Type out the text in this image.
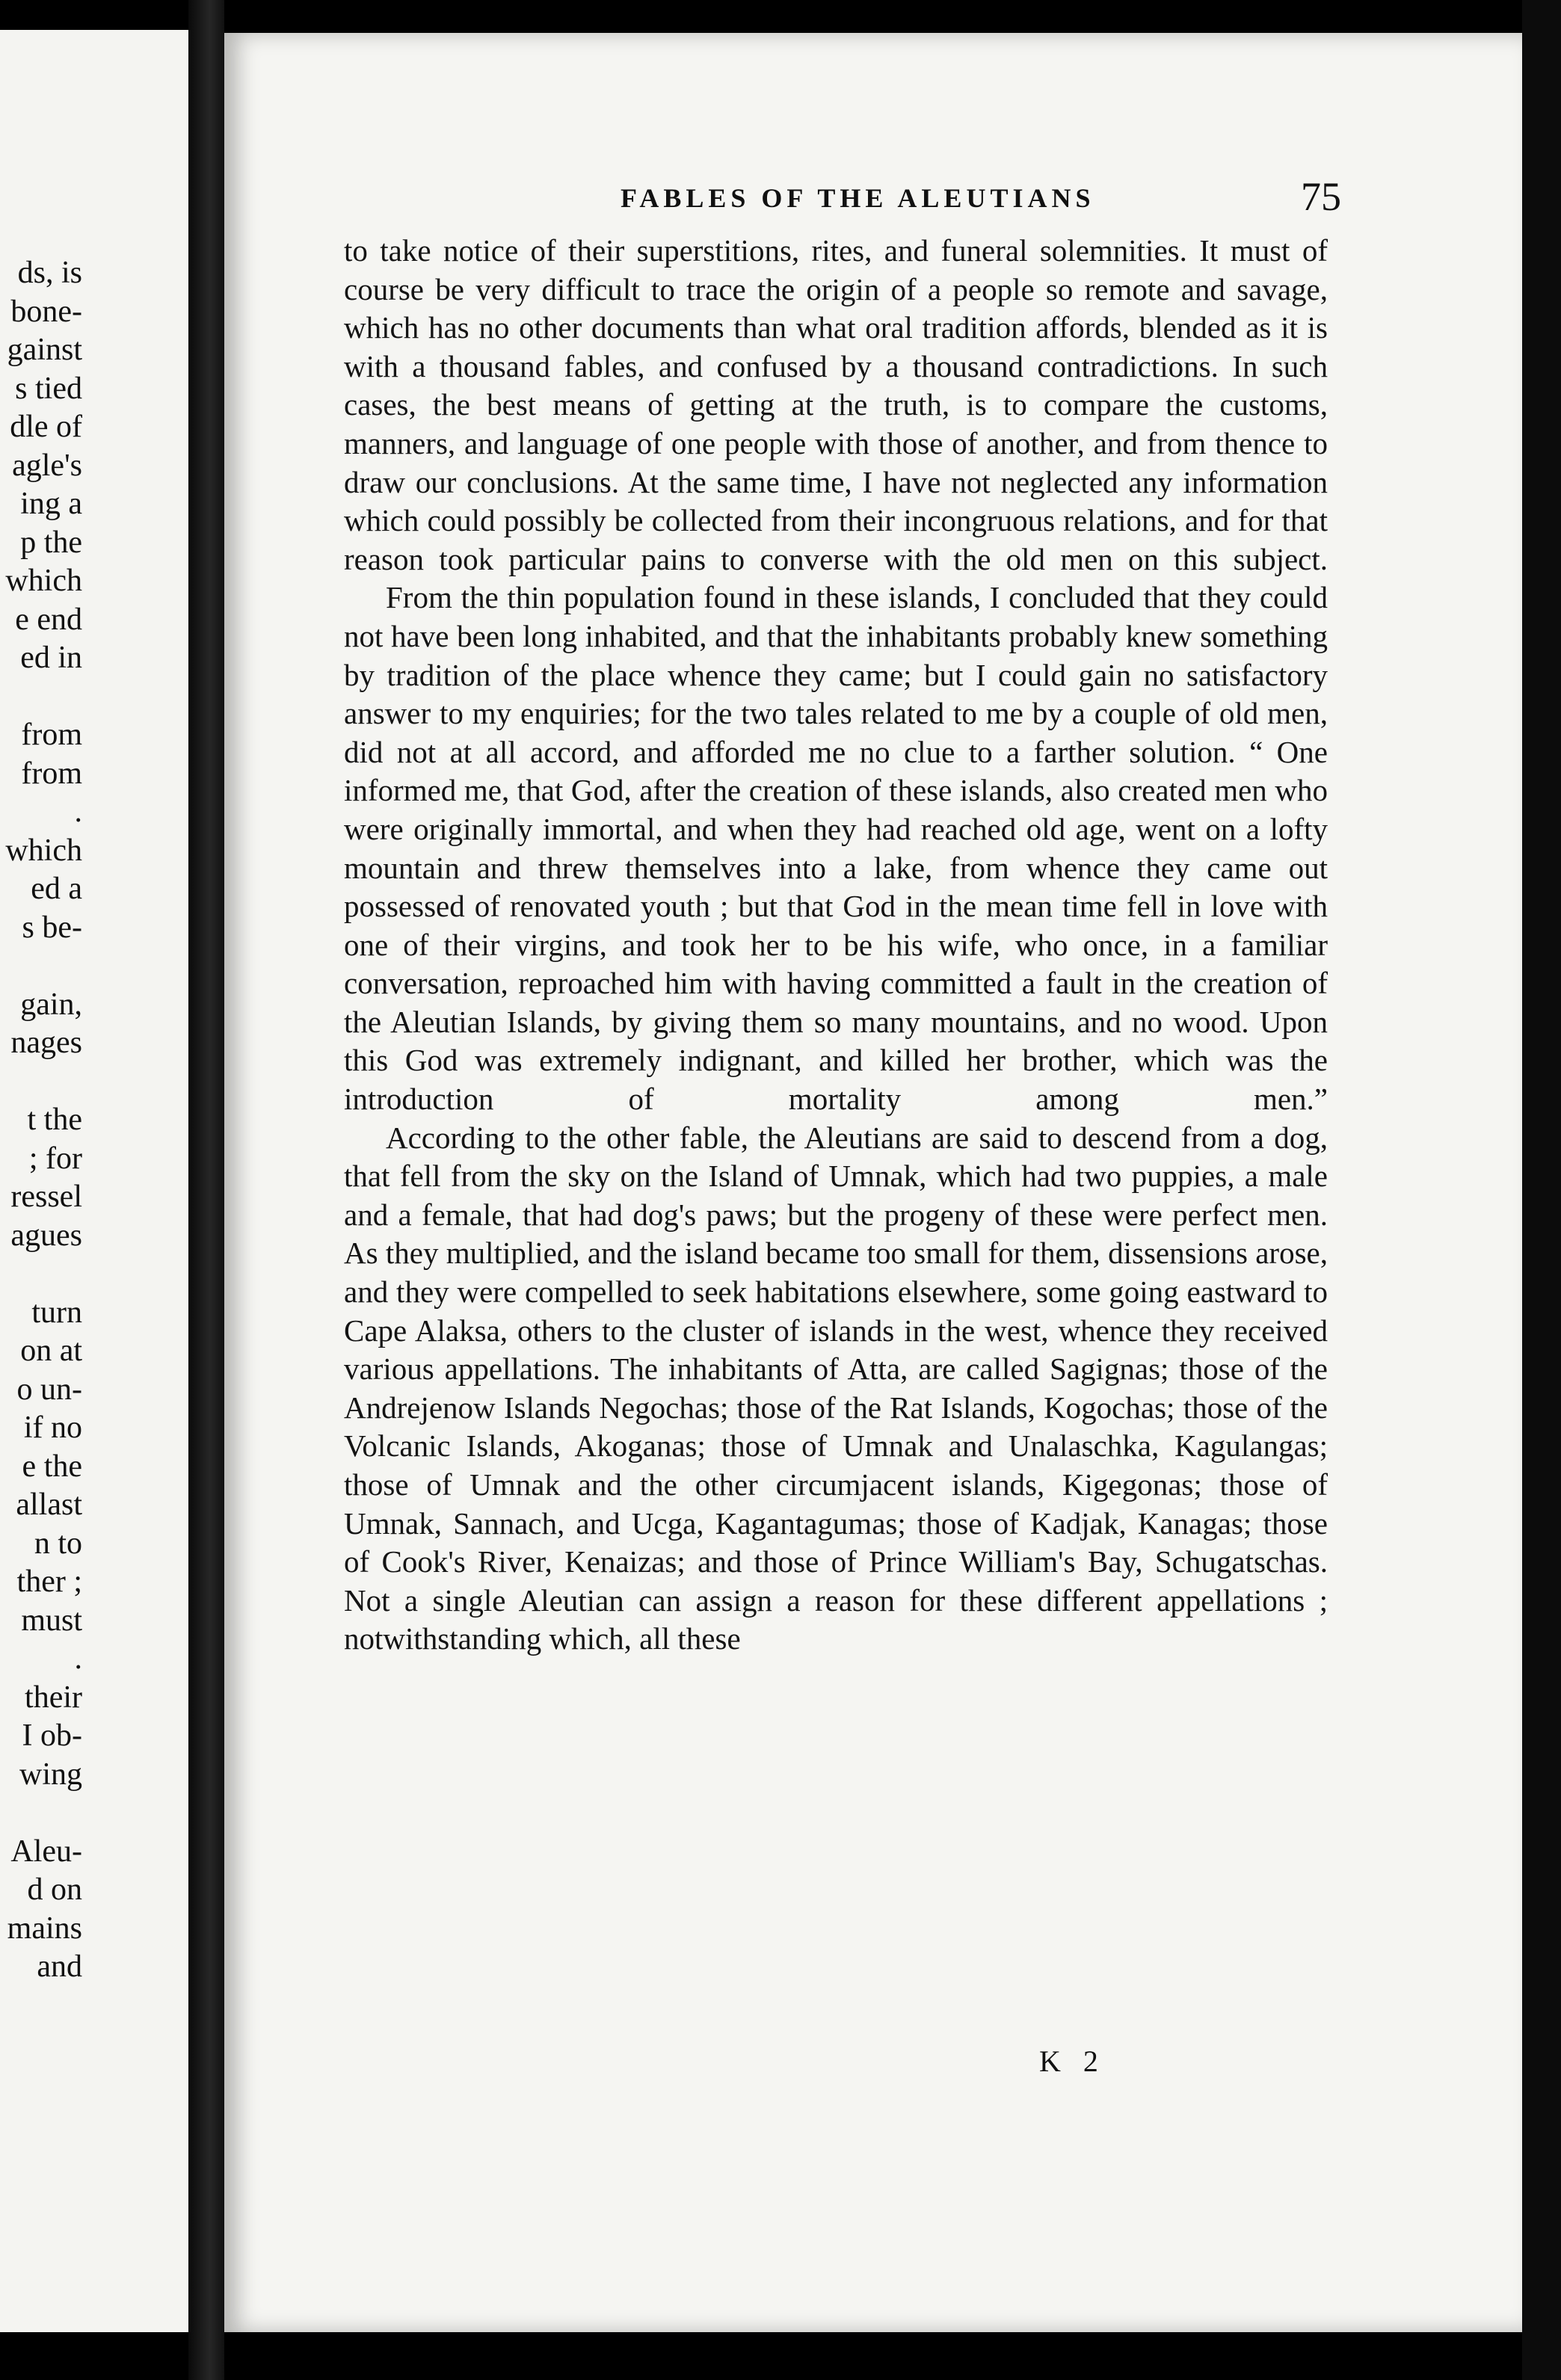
ds, is
bone-
gainst
s tied
dle of
agle's
ing a
p the
which
e end
ed in
from
from
.
which
ed a
s be-
gain,
nages
t the
; for
ressel
agues
turn
on at
o un-
if no
e the
allast
n to
ther ;
must
.
their
I ob-
wing
Aleu-
d on
mains
and
FABLES OF THE ALEUTIANS	75

to take notice of their superstitions, rites, and funeral solemnities. It must of course be very difficult to trace the origin of a people so remote and savage, which has no other documents than what oral tradition affords, blended as it is with a thousand fables, and confused by a thousand contradictions. In such cases, the best means of getting at the truth, is to compare the customs, manners, and language of one people with those of another, and from thence to draw our conclusions. At the same time, I have not neglected any information which could possibly be collected from their incongruous relations, and for that reason took particular pains to converse with the old men on this subject.

From the thin population found in these islands, I concluded that they could not have been long inhabited, and that the inhabitants probably knew something by tradition of the place whence they came; but I could gain no satisfactory answer to my enquiries; for the two tales related to me by a couple of old men, did not at all accord, and afforded me no clue to a farther solution. “ One informed me, that God, after the creation of these islands, also created men who were originally immortal, and when they had reached old age, went on a lofty mountain and threw themselves into a lake, from whence they came out possessed of renovated youth ; but that God in the mean time fell in love with one of their virgins, and took her to be his wife, who once, in a familiar conversation, reproached him with having committed a fault in the creation of the Aleutian Islands, by giving them so many mountains, and no wood. Upon this God was extremely indignant, and killed her brother, which was the introduction of mortality among men.”

According to the other fable, the Aleutians are said to descend from a dog, that fell from the sky on the Island of Umnak, which had two puppies, a male and a female, that had dog's paws; but the progeny of these were perfect men. As they multiplied, and the island became too small for them, dissensions arose, and they were compelled to seek habitations elsewhere, some going eastward to Cape Alaksa, others to the cluster of islands in the west, whence they received various appellations. The inhabitants of Atta, are called Sagignas; those of the Andrejenow Islands Negochas; those of the Rat Islands, Kogochas; those of the Volcanic Islands, Akoganas; those of Umnak and Unalaschka, Kagulangas; those of Umnak and the other circumjacent islands, Kigegonas; those of Umnak, Sannach, and Ucga, Kagantagumas; those of Kadjak, Kanagas; those of Cook's River, Kenaizas; and those of Prince William's Bay, Schugatschas. Not a single Aleutian can assign a reason for these different appellations ; notwithstanding which, all these

K 2
